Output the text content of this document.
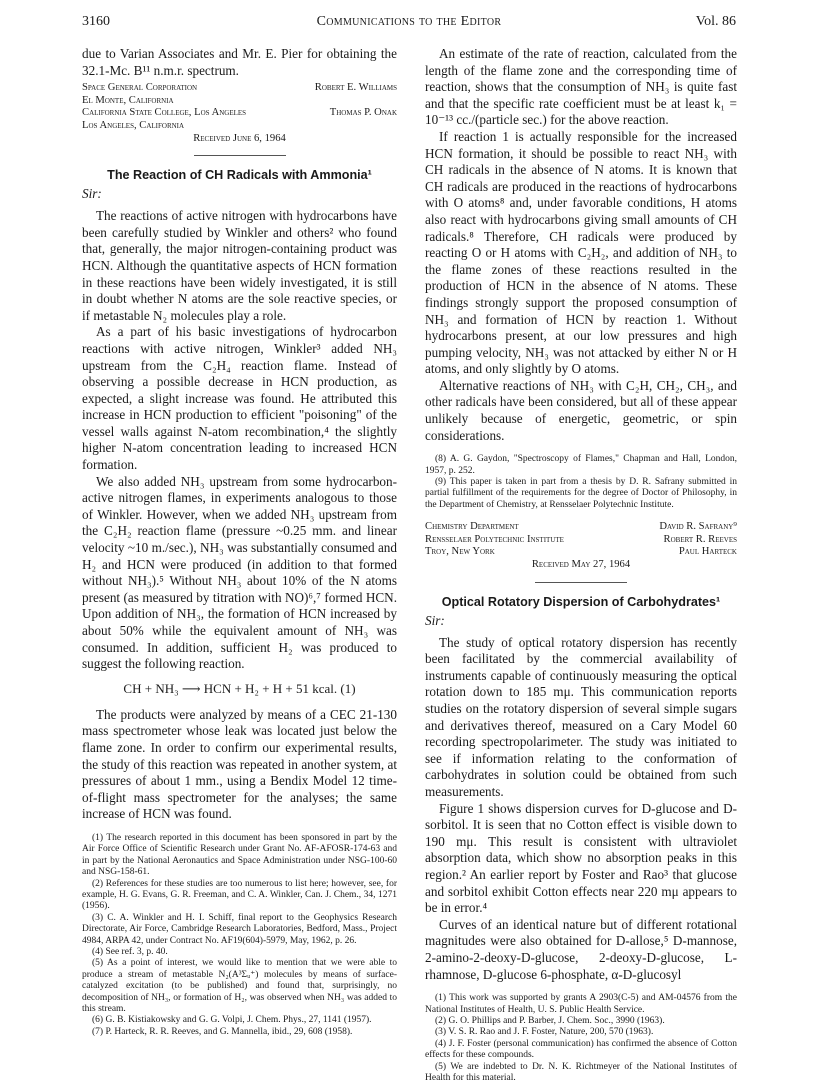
3160	Communications to the Editor	Vol. 86

due to Varian Associates and Mr. E. Pier for obtaining the 32.1-Mc. B¹¹ n.m.r. spectrum.

Space General Corporation	Robert E. Williams
El Monte, California
California State College, Los Angeles	Thomas P. Onak
Los Angeles, California
Received June 6, 1964
The Reaction of CH Radicals with Ammonia¹
Sir:

The reactions of active nitrogen with hydrocarbons have been carefully studied by Winkler and others² who found that, generally, the major nitrogen-containing product was HCN. Although the quantitative aspects of HCN formation in these reactions have been widely investigated, it is still in doubt whether N atoms are the sole reactive species, or if metastable N₂ molecules play a role.

As a part of his basic investigations of hydrocarbon reactions with active nitrogen, Winkler³ added NH₃ upstream from the C₂H₄ reaction flame. Instead of observing a possible decrease in HCN production, as expected, a slight increase was found. He attributed this increase in HCN production to efficient "poisoning" of the vessel walls against N-atom recombination,⁴ the slightly higher N-atom concentration leading to increased HCN formation.

We also added NH₃ upstream from some hydrocarbon-active nitrogen flames, in experiments analogous to those of Winkler. However, when we added NH₃ upstream from the C₂H₂ reaction flame (pressure ~0.25 mm. and linear velocity ~10 m./sec.), NH₃ was substantially consumed and H₂ and HCN were produced (in addition to that formed without NH₃).⁵ Without NH₃ about 10% of the N atoms present (as measured by titration with NO)⁶,⁷ formed HCN. Upon addition of NH₃, the formation of HCN increased by about 50% while the equivalent amount of NH₃ was consumed. In addition, sufficient H₂ was produced to suggest the following reaction.

CH + NH₃ ⟶ HCN + H₂ + H + 51 kcal. (1)

The products were analyzed by means of a CEC 21-130 mass spectrometer whose leak was located just below the flame zone. In order to confirm our experimental results, the study of this reaction was repeated in another system, at pressures of about 1 mm., using a Bendix Model 12 time-of-flight mass spectrometer for the analyses; the same increase of HCN was found.

(1) The research reported in this document has been sponsored in part by the Air Force Office of Scientific Research under Grant No. AF-AFOSR-174-63 and in part by the National Aeronautics and Space Administration under NSG-100-60 and NSG-158-61.

(2) References for these studies are too numerous to list here; however, see, for example, H. G. Evans, G. R. Freeman, and C. A. Winkler, Can. J. Chem., 34, 1271 (1956).

(3) C. A. Winkler and H. I. Schiff, final report to the Geophysics Research Directorate, Air Force, Cambridge Research Laboratories, Bedford, Mass., Project 4984, ARPA 42, under Contract No. AF19(604)-5979, May, 1962, p. 26.

(4) See ref. 3, p. 40.

(5) As a point of interest, we would like to mention that we were able to produce a stream of metastable N₂(A³Σᵤ⁺) molecules by means of surface-catalyzed excitation (to be published) and found that, surprisingly, no decomposition of NH₃, or formation of H₂, was observed when NH₃ was added to this stream.

(6) G. B. Kistiakowsky and G. G. Volpi, J. Chem. Phys., 27, 1141 (1957).

(7) P. Harteck, R. R. Reeves, and G. Mannella, ibid., 29, 608 (1958).

An estimate of the rate of reaction, calculated from the length of the flame zone and the corresponding time of reaction, shows that the consumption of NH₃ is quite fast and that the specific rate coefficient must be at least k₁ = 10⁻¹³ cc./(particle sec.) for the above reaction.

If reaction 1 is actually responsible for the increased HCN formation, it should be possible to react NH₃ with CH radicals in the absence of N atoms. It is known that CH radicals are produced in the reactions of hydrocarbons with O atoms⁸ and, under favorable conditions, H atoms also react with hydrocarbons giving small amounts of CH radicals.⁸ Therefore, CH radicals were produced by reacting O or H atoms with C₂H₂, and addition of NH₃ to the flame zones of these reactions resulted in the production of HCN in the absence of N atoms. These findings strongly support the proposed consumption of NH₃ and formation of HCN by reaction 1. Without hydrocarbons present, at our low pressures and high pumping velocity, NH₃ was not attacked by either N or H atoms, and only slightly by O atoms.

Alternative reactions of NH₃ with C₂H, CH₂, CH₃, and other radicals have been considered, but all of these appear unlikely because of energetic, geometric, or spin considerations.

(8) A. G. Gaydon, "Spectroscopy of Flames," Chapman and Hall, London, 1957, p. 252.

(9) This paper is taken in part from a thesis by D. R. Safrany submitted in partial fulfillment of the requirements for the degree of Doctor of Philosophy, in the Department of Chemistry, at Rensselaer Polytechnic Institute.

Chemistry Department	David R. Safrany⁹
Rensselaer Polytechnic Institute	Robert R. Reeves
Troy, New York	Paul Harteck
Received May 27, 1964
Optical Rotatory Dispersion of Carbohydrates¹
Sir:

The study of optical rotatory dispersion has recently been facilitated by the commercial availability of instruments capable of continuously measuring the optical rotation down to 185 mμ. This communication reports studies on the rotatory dispersion of several simple sugars and derivatives thereof, measured on a Cary Model 60 recording spectropolarimeter. The study was initiated to see if information relating to the conformation of carbohydrates in solution could be obtained from such measurements.

Figure 1 shows dispersion curves for D-glucose and D-sorbitol. It is seen that no Cotton effect is visible down to 190 mμ. This result is consistent with ultraviolet absorption data, which show no absorption peaks in this region.² An earlier report by Foster and Rao³ that glucose and sorbitol exhibit Cotton effects near 220 mμ appears to be in error.⁴

Curves of an identical nature but of different rotational magnitudes were also obtained for D-allose,⁵ D-mannose, 2-amino-2-deoxy-D-glucose, 2-deoxy-D-glucose, L-rhamnose, D-glucose 6-phosphate, α-D-glucosyl

(1) This work was supported by grants A 2903(C-5) and AM-04576 from the National Institutes of Health, U. S. Public Health Service.

(2) G. O. Phillips and P. Barber, J. Chem. Soc., 3990 (1963).

(3) V. S. R. Rao and J. F. Foster, Nature, 200, 570 (1963).

(4) J. F. Foster (personal communication) has confirmed the absence of Cotton effects for these compounds.

(5) We are indebted to Dr. N. K. Richtmeyer of the National Institutes of Health for this material.
